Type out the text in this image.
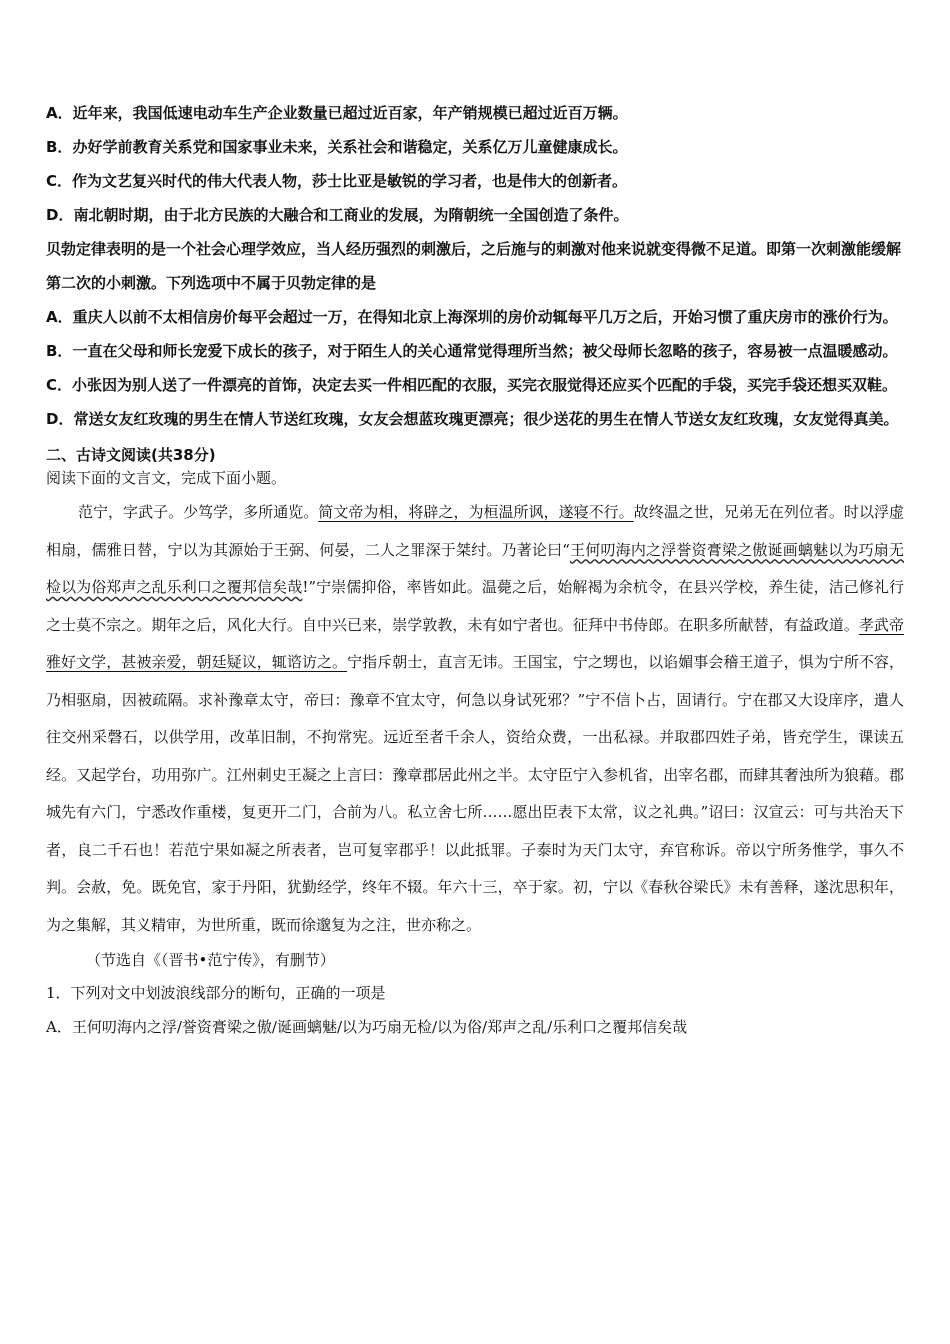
A．近年来，我国低速电动车生产企业数量已超过近百家，年产销规模已超过近百万辆。

B．办好学前教育关系党和国家事业未来，关系社会和谐稳定，关系亿万儿童健康成长。

C．作为文艺复兴时代的伟大代表人物，莎士比亚是敏锐的学习者，也是伟大的创新者。

D．南北朝时期，由于北方民族的大融合和工商业的发展，为隋朝统一全国创造了条件。

贝勃定律表明的是一个社会心理学效应，当人经历强烈的刺激后，之后施与的刺激对他来说就变得微不足道。即第一次刺激能缓解第二次的小刺激。下列选项中不属于贝勃定律的是

A．重庆人以前不太相信房价每平会超过一万，在得知北京上海深圳的房价动辄每平几万之后，开始习惯了重庆房市的涨价行为。

B．一直在父母和师长宠爱下成长的孩子，对于陌生人的关心通常觉得理所当然；被父母师长忽略的孩子，容易被一点温暖感动。

C．小张因为别人送了一件漂亮的首饰，决定去买一件相匹配的衣服，买完衣服觉得还应买个匹配的手袋，买完手袋还想买双鞋。

D．常送女友红玫瑰的男生在情人节送红玫瑰，女友会想蓝玫瑰更漂亮；很少送花的男生在情人节送女友红玫瑰，女友觉得真美。

二、古诗文阅读(共38分)

阅读下面的文言文，完成下面小题。

范宁，字武子。少笃学，多所通览。简文帝为相，将辟之，为桓温所讽，遂寝不行。故终温之世，兄弟无在列位者。时以浮虚相扇，儒雅日替，宁以为其源始于王弼、何晏，二人之罪深于桀纣。乃著论曰“王何叨海内之浮誉资膏梁之傲诞画螭魅以为巧扇无检以为俗郑声之乱乐利口之覆邦信矣哉!”宁崇儒抑俗，率皆如此。温薨之后，始解褐为余杭令，在县兴学校，养生徒，洁己修礼行之士莫不宗之。期年之后，风化大行。自中兴已来，崇学敦教，未有如宁者也。征拜中书侍郎。在职多所献替，有益政道。孝武帝雅好文学，甚被亲爱，朝廷疑议，辄谘访之。宁指斥朝士，直言无讳。王国宝，宁之甥也，以谄媚事会稽王道子，惧为宁所不容，乃相驱扇，因被疏隔。求补豫章太守，帝曰：豫章不宜太守，何急以身试死邪？”宁不信卜占，固请行。宁在郡又大设庠序，遣人往交州采磬石，以供学用，改革旧制，不拘常宪。远近至者千余人，资给众费，一出私禄。并取郡四姓子弟，皆充学生，课读五经。又起学台，功用弥广。江州刺史王凝之上言曰：豫章郡居此州之半。太守臣宁入参机省，出宰名郡，而肆其奢浊所为狼藉。郡城先有六门，宁悉改作重楼，复更开二门，合前为八。私立舍七所……愿出臣表下太常，议之礼典。”诏曰：汉宣云：可与共治天下者，良二千石也！若范宁果如凝之所表者，岂可复宰郡乎！以此抵罪。子泰时为天门太守，弃官称诉。帝以宁所务惟学，事久不判。会赦，免。既免官，家于丹阳，犹勤经学，终年不辍。年六十三，卒于家。初，宁以《春秋谷梁氏》未有善释，遂沈思积年，为之集解，其义精审，为世所重，既而徐邈复为之注，世亦称之。

（节选自《（晋书•范宁传》，有删节）

1．下列对文中划波浪线部分的断句，正确的一项是

A．王何叨海内之浮/誉资膏梁之傲/诞画螭魅/以为巧扇无检/以为俗/郑声之乱/乐利口之覆邦信矣哉
